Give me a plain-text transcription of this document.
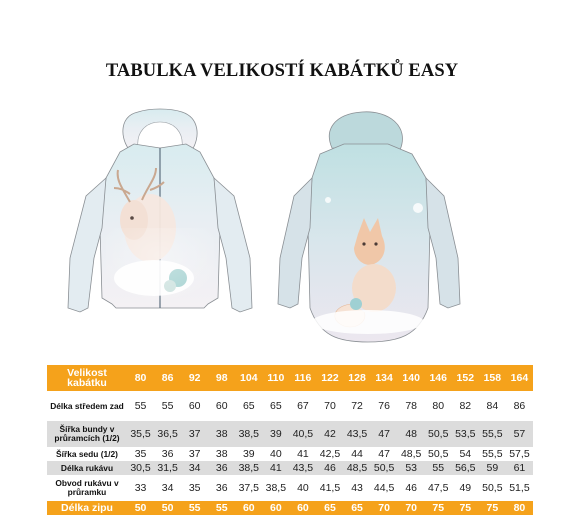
TABULKA VELIKOSTÍ KABÁTKŮ EASY
Velikost kabátku	80	86	92	98	104	110	116	122	128	134	140	146	152	158	164
Délka středem zad	55	55	60	60	65	65	67	70	72	76	78	80	82	84	86
Šířka bundy v průramcích (1/2)	35,5	36,5	37	38	38,5	39	40,5	42	43,5	47	48	50,5	53,5	55,5	57
Šířka sedu (1/2)	35	36	37	38	39	40	41	42,5	44	47	48,5	50,5	54	55,5	57,5
Délka rukávu	30,5	31,5	34	36	38,5	41	43,5	46	48,5	50,5	53	55	56,5	59	61
Obvod rukávu v průramku	33	34	35	36	37,5	38,5	40	41,5	43	44,5	46	47,5	49	50,5	51,5
Délka zipu	50	50	55	55	60	60	60	65	65	70	70	75	75	75	80
